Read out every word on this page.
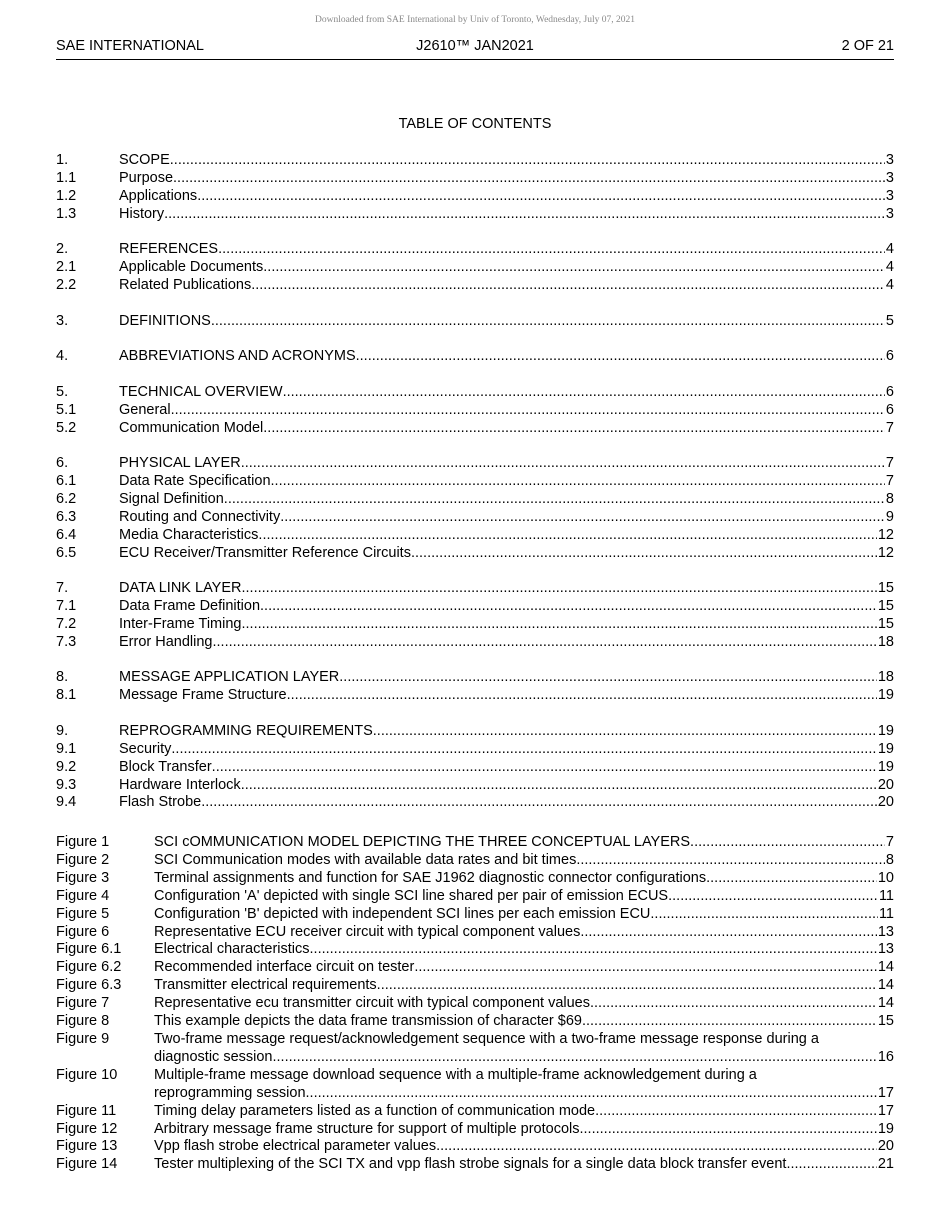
Downloaded from SAE International by Univ of Toronto, Wednesday, July 07, 2021
SAE INTERNATIONAL	J2610™ JAN2021	2 OF 21
TABLE OF CONTENTS
1.	SCOPE .....	3
1.1	Purpose .....	3
1.2	Applications .....	3
1.3	History .....	3
2.	REFERENCES .....	4
2.1	Applicable Documents .....	4
2.2	Related Publications .....	4
3.	DEFINITIONS .....	5
4.	ABBREVIATIONS AND ACRONYMS .....	6
5.	TECHNICAL OVERVIEW .....	6
5.1	General .....	6
5.2	Communication Model .....	7
6.	PHYSICAL LAYER .....	7
6.1	Data Rate Specification .....	7
6.2	Signal Definition .....	8
6.3	Routing and Connectivity .....	9
6.4	Media Characteristics .....	12
6.5	ECU Receiver/Transmitter Reference Circuits .....	12
7.	DATA LINK LAYER .....	15
7.1	Data Frame Definition .....	15
7.2	Inter-Frame Timing .....	15
7.3	Error Handling .....	18
8.	MESSAGE APPLICATION LAYER .....	18
8.1	Message Frame Structure .....	19
9.	REPROGRAMMING REQUIREMENTS .....	19
9.1	Security .....	19
9.2	Block Transfer .....	19
9.3	Hardware Interlock .....	20
9.4	Flash Strobe .....	20
Figure 1	SCI cOMMUNICATION MODEL DEPICTING THE THREE CONCEPTUAL LAYERS .....	7
Figure 2	SCI Communication modes with available data rates and bit times .....	8
Figure 3	Terminal assignments and function for SAE J1962 diagnostic connector configurations .....	10
Figure 4	Configuration 'A' depicted with single SCI line shared per pair of emission ECUS .....	11
Figure 5	Configuration 'B' depicted with independent SCI lines per each emission ECU .....	11
Figure 6	Representative ECU receiver circuit with typical component values .....	13
Figure 6.1	Electrical characteristics .....	13
Figure 6.2	Recommended interface circuit on tester .....	14
Figure 6.3	Transmitter electrical requirements .....	14
Figure 7	Representative ecu transmitter circuit with typical component values .....	14
Figure 8	This example depicts the data frame transmission of character $69 .....	15
Figure 9	Two-frame message request/acknowledgement sequence with a two-frame message response during a
diagnostic session .....	16
Figure 10	Multiple-frame message download sequence with a multiple-frame acknowledgement during a
reprogramming session .....	17
Figure 11	Timing delay parameters listed as a function of communication mode .....	17
Figure 12	Arbitrary message frame structure for support of multiple protocols .....	19
Figure 13	Vpp flash strobe electrical parameter values .....	20
Figure 14	Tester multiplexing of the SCI TX and vpp flash strobe signals for a single data block transfer event .....	21
